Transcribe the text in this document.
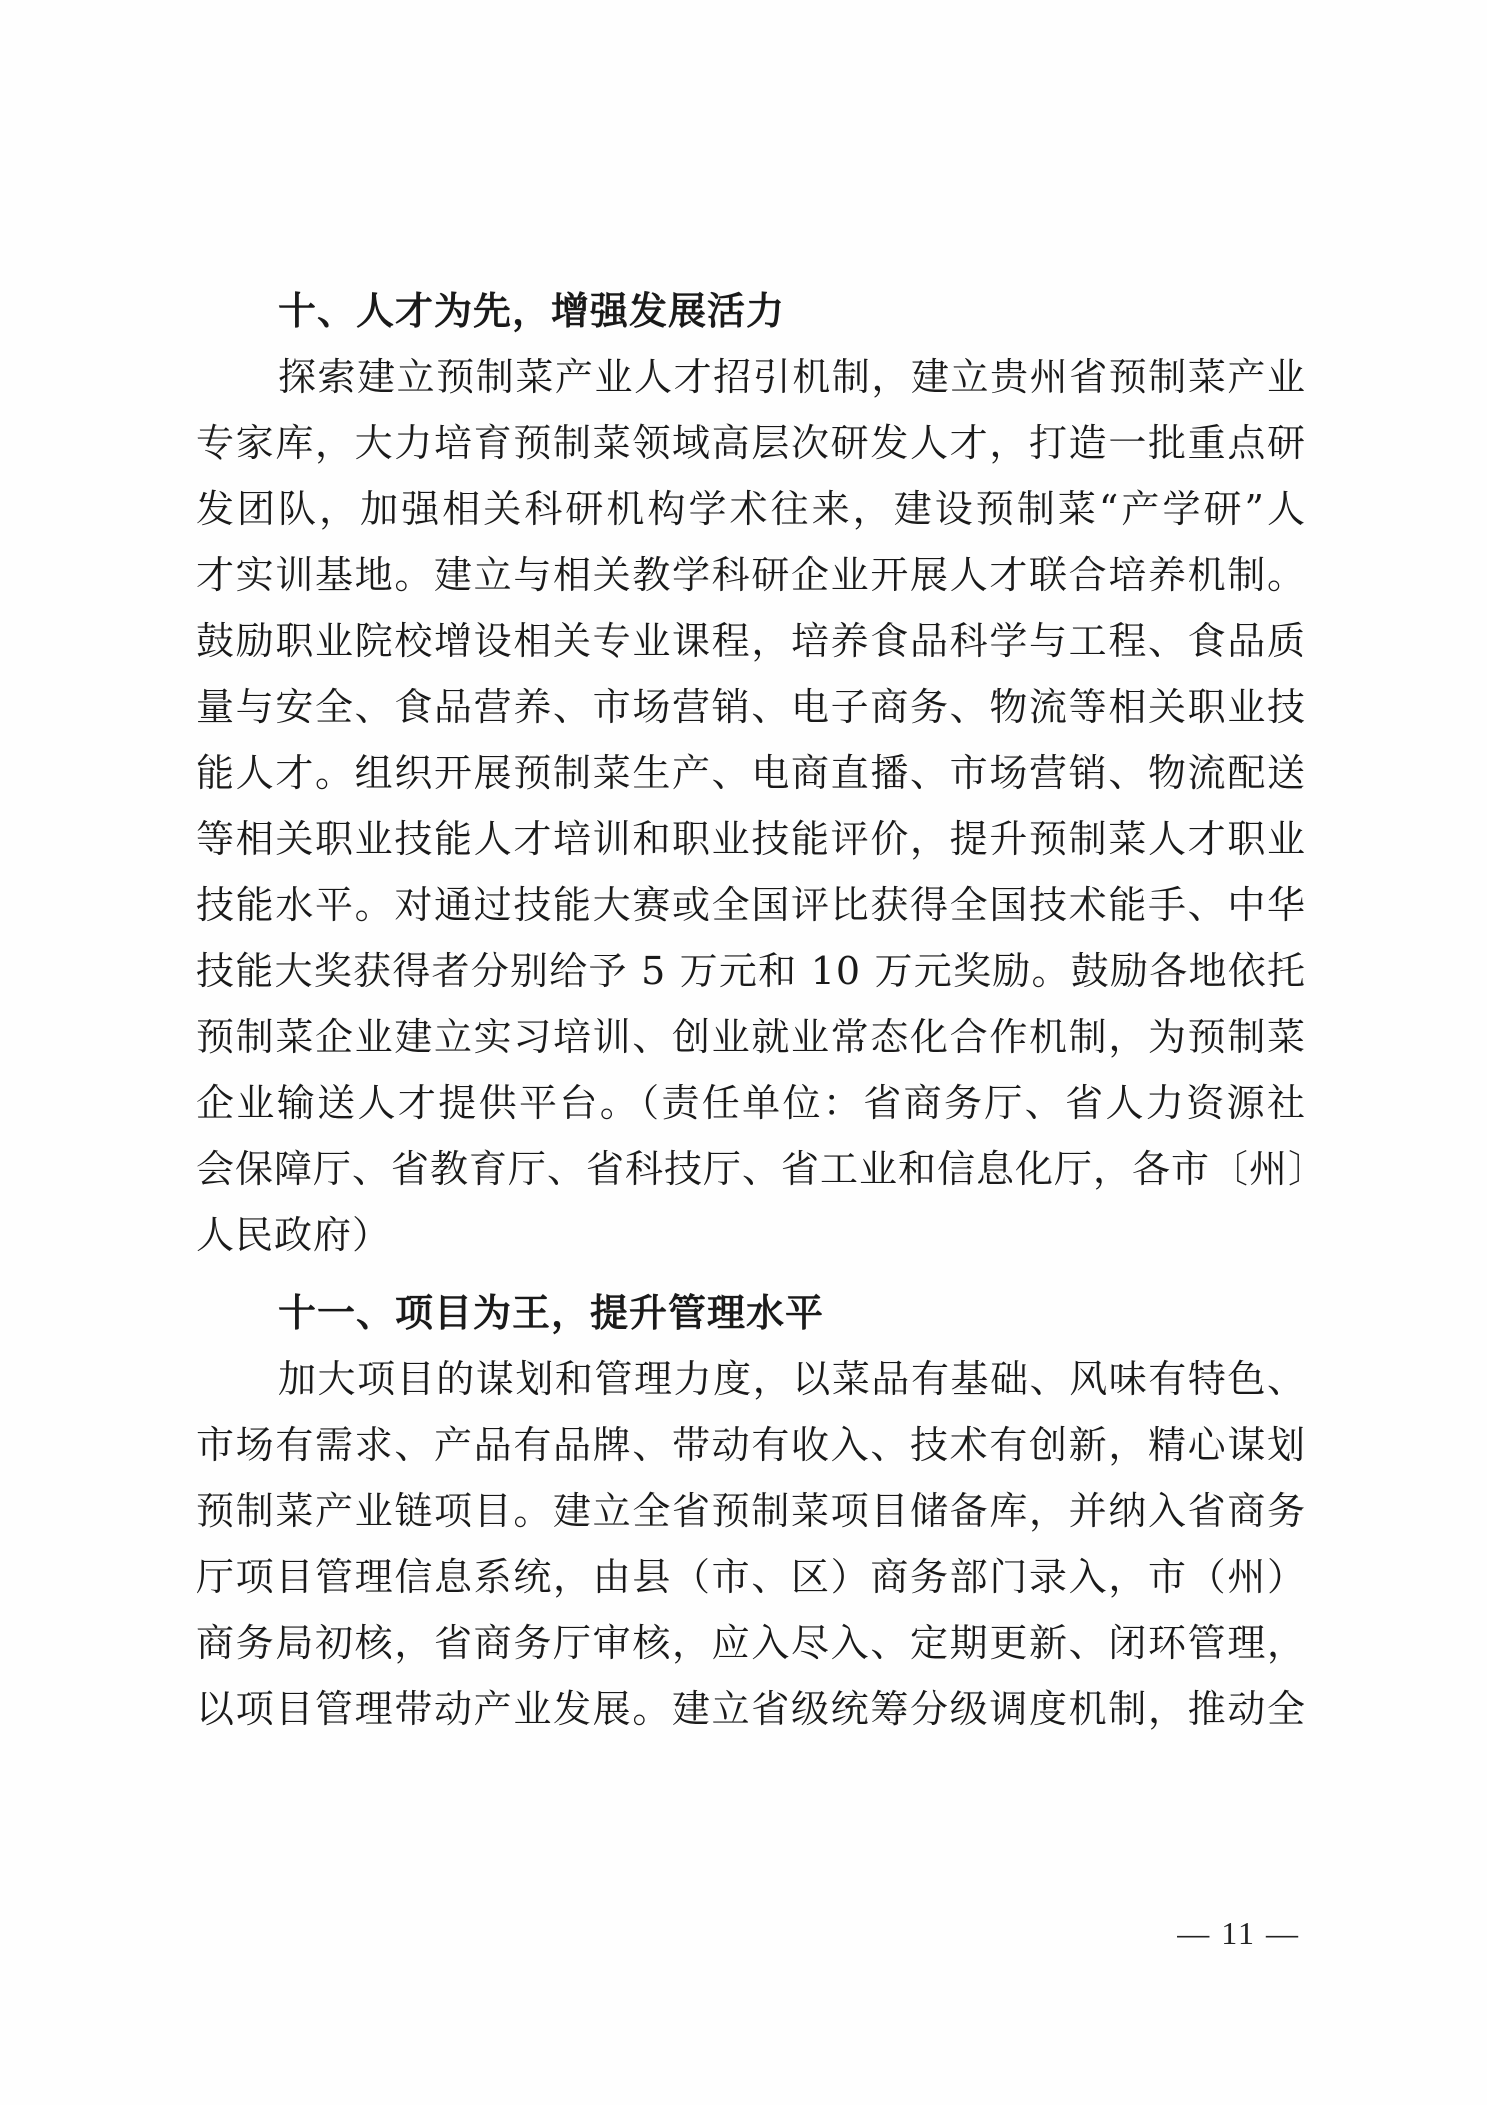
十、人才为先，增强发展活力
探索建立预制菜产业人才招引机制，建立贵州省预制菜产业
专家库，大力培育预制菜领域高层次研发人才，打造一批重点研
发团队，加强相关科研机构学术往来，建设预制菜“产学研”人
才实训基地。建立与相关教学科研企业开展人才联合培养机制。
鼓励职业院校增设相关专业课程，培养食品科学与工程、食品质
量与安全、食品营养、市场营销、电子商务、物流等相关职业技
能人才。组织开展预制菜生产、电商直播、市场营销、物流配送
等相关职业技能人才培训和职业技能评价，提升预制菜人才职业
技能水平。对通过技能大赛或全国评比获得全国技术能手、中华
技能大奖获得者分别给予 5 万元和 10 万元奖励。鼓励各地依托
预制菜企业建立实习培训、创业就业常态化合作机制，为预制菜
企业输送人才提供平台。（责任单位：省商务厅、省人力资源社
会保障厅、省教育厅、省科技厅、省工业和信息化厅，各市〔州〕
人民政府）
十一、项目为王，提升管理水平
加大项目的谋划和管理力度，以菜品有基础、风味有特色、
市场有需求、产品有品牌、带动有收入、技术有创新，精心谋划
预制菜产业链项目。建立全省预制菜项目储备库，并纳入省商务
厅项目管理信息系统，由县（市、区）商务部门录入，市（州）
商务局初核，省商务厅审核，应入尽入、定期更新、闭环管理，
以项目管理带动产业发展。建立省级统筹分级调度机制，推动全
— 11 —
